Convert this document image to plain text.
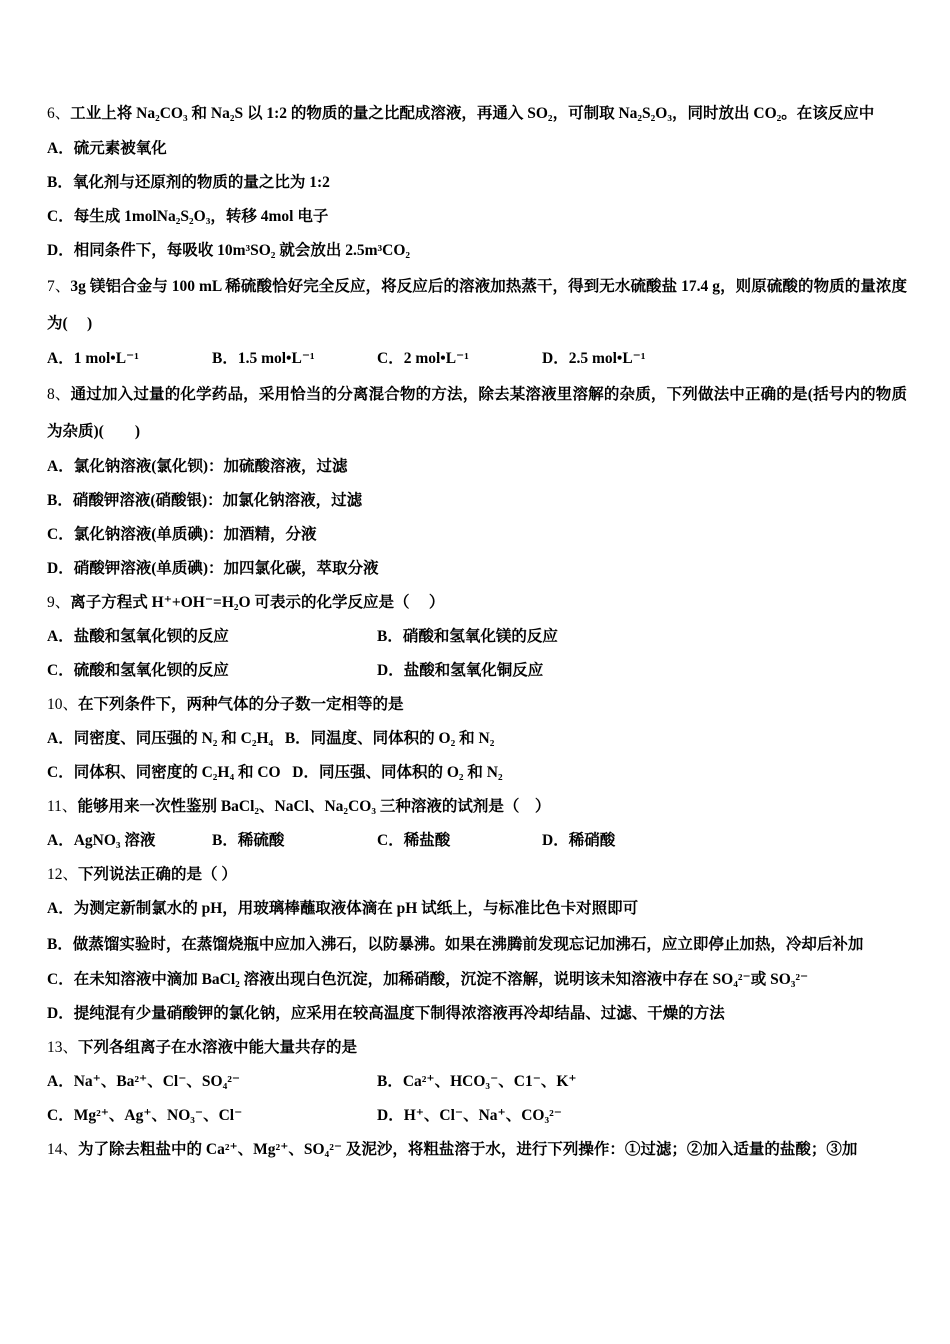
6、工业上将 Na₂CO₃ 和 Na₂S 以 1:2 的物质的量之比配成溶液，再通入 SO₂，可制取 Na₂S₂O₃，同时放出 CO₂。在该反应中
A．硫元素被氧化
B．氧化剂与还原剂的物质的量之比为 1:2
C．每生成 1molNa₂S₂O₃，转移 4mol 电子
D．相同条件下，每吸收 10m³SO₂ 就会放出 2.5m³CO₂
7、3g 镁铝合金与 100 mL 稀硫酸恰好完全反应，将反应后的溶液加热蒸干，得到无水硫酸盐 17.4 g，则原硫酸的物质的量浓度为(　 )
A．1 mol•L⁻¹	B．1.5 mol•L⁻¹	C．2 mol•L⁻¹	D．2.5 mol•L⁻¹
8、通过加入过量的化学药品，采用恰当的分离混合物的方法，除去某溶液里溶解的杂质，下列做法中正确的是(括号内的物质为杂质)(　　)
A．氯化钠溶液(氯化钡)：加硫酸溶液，过滤
B．硝酸钾溶液(硝酸银)：加氯化钠溶液，过滤
C．氯化钠溶液(单质碘)：加酒精，分液
D．硝酸钾溶液(单质碘)：加四氯化碳，萃取分液
9、离子方程式 H⁺+OH⁻=H₂O 可表示的化学反应是（　 ）
A．盐酸和氢氧化钡的反应	B．硝酸和氢氧化镁的反应
C．硫酸和氢氧化钡的反应	D．盐酸和氢氧化铜反应
10、在下列条件下，两种气体的分子数一定相等的是
A．同密度、同压强的 N₂ 和 C₂H₄ B．同温度、同体积的 O₂ 和 N₂
C．同体积、同密度的 C₂H₄ 和 CO D．同压强、同体积的 O₂ 和 N₂
11、能够用来一次性鉴别 BaCl₂、NaCl、Na₂CO₃ 三种溶液的试剂是（　）
A．AgNO₃ 溶液	B．稀硫酸	C．稀盐酸	D．稀硝酸
12、下列说法正确的是（ ）
A．为测定新制氯水的 pH，用玻璃棒蘸取液体滴在 pH 试纸上，与标准比色卡对照即可
B．做蒸馏实验时，在蒸馏烧瓶中应加入沸石，以防暴沸。如果在沸腾前发现忘记加沸石，应立即停止加热，冷却后补加
C．在未知溶液中滴加 BaCl₂ 溶液出现白色沉淀，加稀硝酸，沉淀不溶解，说明该未知溶液中存在 SO₄²⁻或 SO₃²⁻
D．提纯混有少量硝酸钾的氯化钠，应采用在较高温度下制得浓溶液再冷却结晶、过滤、干燥的方法
13、下列各组离子在水溶液中能大量共存的是
A．Na⁺、Ba²⁺、Cl⁻、SO₄²⁻	B．Ca²⁺、HCO₃⁻、C1⁻、K⁺
C．Mg²⁺、Ag⁺、NO₃⁻、Cl⁻	D．H⁺、Cl⁻、Na⁺、CO₃²⁻
14、为了除去粗盐中的 Ca²⁺、Mg²⁺、SO₄²⁻ 及泥沙，将粗盐溶于水，进行下列操作：①过滤；②加入适量的盐酸；③加
